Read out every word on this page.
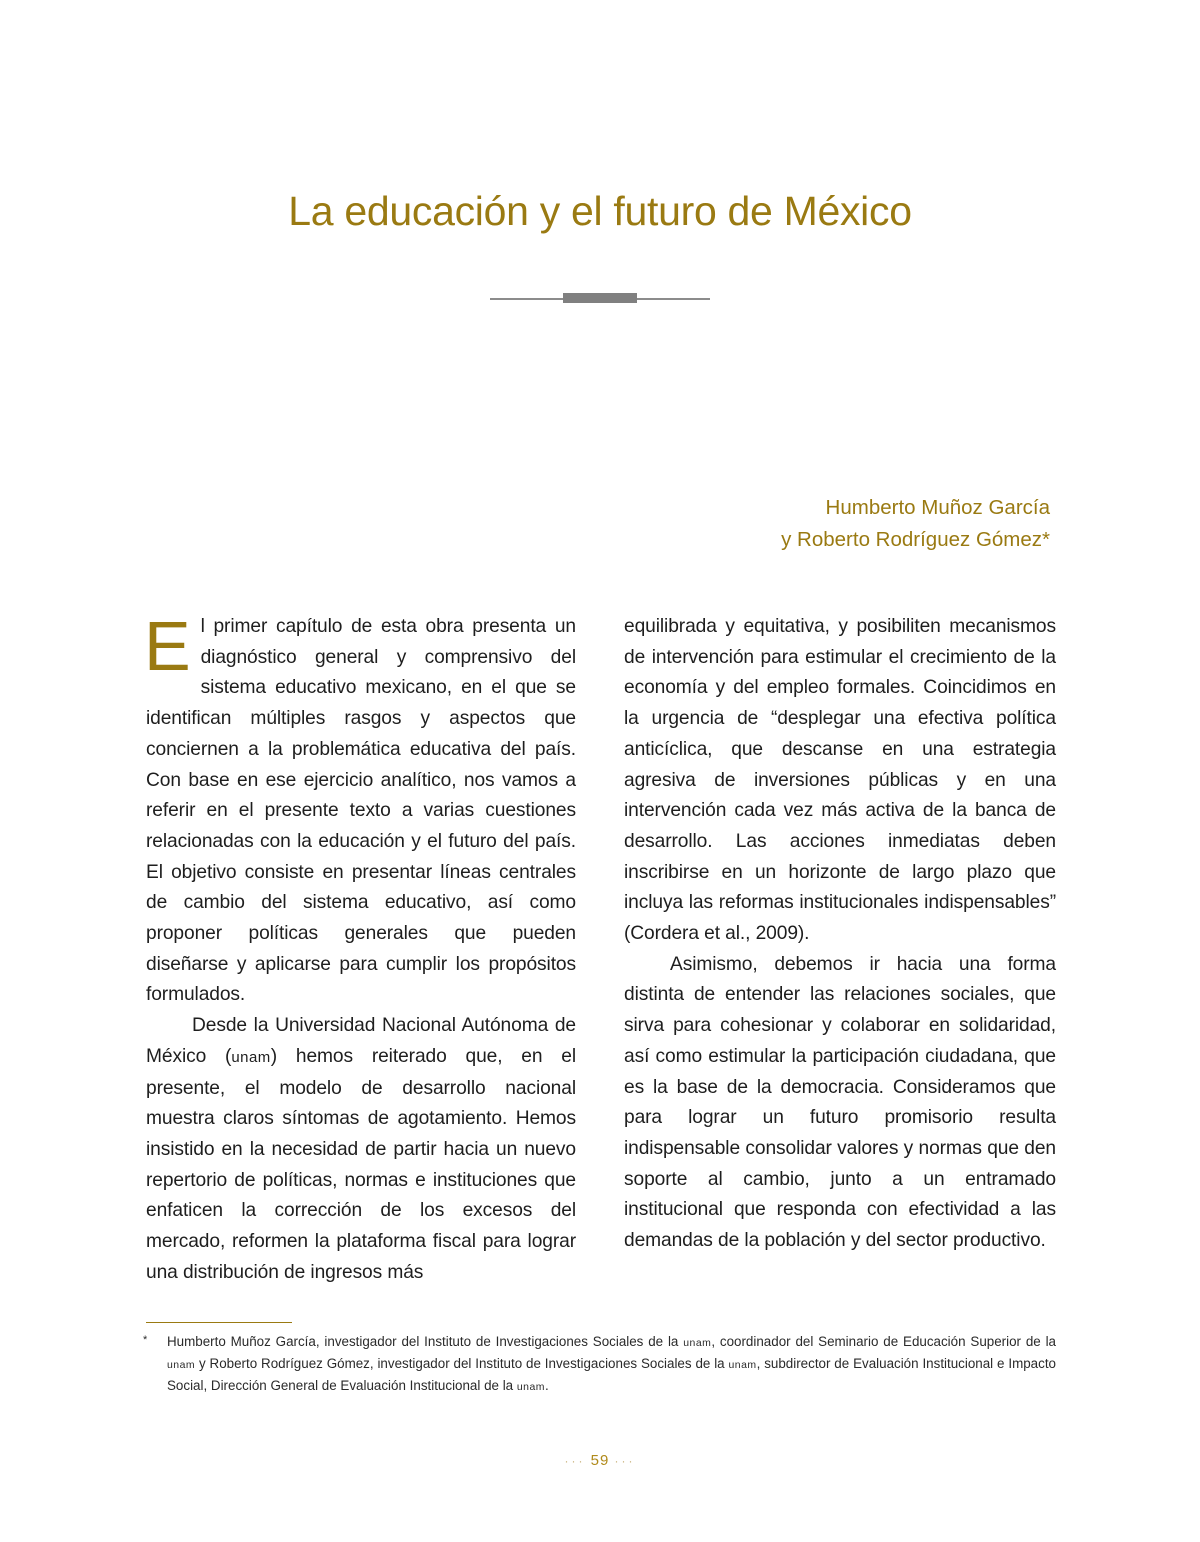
La educación y el futuro de México
Humberto Muñoz García
y Roberto Rodríguez Gómez*

El primer capítulo de esta obra presenta un diagnóstico general y comprensivo del sistema educativo mexicano, en el que se identifican múltiples rasgos y aspectos que conciernen a la problemática educativa del país. Con base en ese ejercicio analítico, nos vamos a referir en el presente texto a varias cuestiones relacionadas con la educación y el futuro del país. El objetivo consiste en presentar líneas centrales de cambio del sistema educativo, así como proponer políticas generales que pueden diseñarse y aplicarse para cumplir los propósitos formulados.

Desde la Universidad Nacional Autónoma de México (unam) hemos reiterado que, en el presente, el modelo de desarrollo nacional muestra claros síntomas de agotamiento. Hemos insistido en la necesidad de partir hacia un nuevo repertorio de políticas, normas e instituciones que enfaticen la corrección de los excesos del mercado, reformen la plataforma fiscal para lograr una distribución de ingresos más

equilibrada y equitativa, y posibiliten mecanismos de intervención para estimular el crecimiento de la economía y del empleo formales. Coincidimos en la urgencia de “desplegar una efectiva política anticíclica, que descanse en una estrategia agresiva de inversiones públicas y en una intervención cada vez más activa de la banca de desarrollo. Las acciones inmediatas deben inscribirse en un horizonte de largo plazo que incluya las reformas institucionales indispensables” (Cordera et al., 2009).

Asimismo, debemos ir hacia una forma distinta de entender las relaciones sociales, que sirva para cohesionar y colaborar en solidaridad, así como estimular la participación ciudadana, que es la base de la democracia. Consideramos que para lograr un futuro promisorio resulta indispensable consolidar valores y normas que den soporte al cambio, junto a un entramado institucional que responda con efectividad a las demandas de la población y del sector productivo.

*	Humberto Muñoz García, investigador del Instituto de Investigaciones Sociales de la unam, coordinador del Seminario de Educación Superior de la unam y Roberto Rodríguez Gómez, investigador del Instituto de Investigaciones Sociales de la unam, subdirector de Evaluación Institucional e Impacto Social, Dirección General de Evaluación Institucional de la unam.
··· 59 ···
